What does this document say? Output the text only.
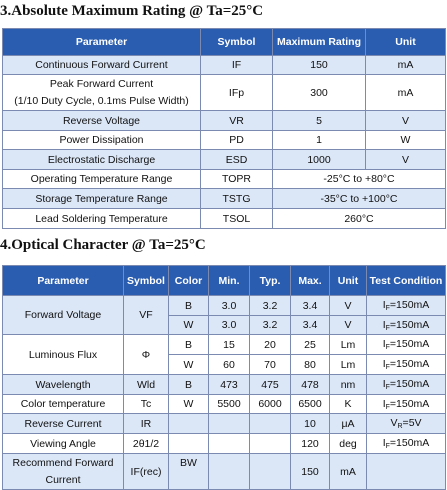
3.Absolute Maximum Rating @ Ta=25°C
Parameter	Symbol	Maximum Rating	Unit
Continuous Forward Current	IF	150	mA
Peak Forward Current
(1/10 Duty Cycle, 0.1ms Pulse Width)	IFp	300	mA
Reverse Voltage	VR	5	V
Power Dissipation	PD	1	W
Electrostatic Discharge	ESD	1000	V
Operating Temperature Range	TOPR	-25°C to +80°C	
Storage Temperature Range	TSTG	-35°C to +100°C	
Lead Soldering Temperature	TSOL	260°C	
4.Optical Character @ Ta=25°C
Parameter	Symbol	Color	Min.	Typ.	Max.	Unit	Test Condition
Forward Voltage	VF	B	3.0	3.2	3.4	V	$I_F=150mA$
		W	3.0	3.2	3.4	V	$I_F=150mA$
Luminous Flux	Φ	B	15	20	25	Lm	$I_F=150mA$
		W	60	70	80	Lm	$I_F=150mA$
Wavelength	Wld	B	473	475	478	nm	$I_F=150mA$
Color temperature	Tc	W	5500	6000	6500	K	$I_F=150mA$
Reverse Current	IR				10	μA	$V_R=5V$
Viewing Angle	2θ1/2				120	deg	$I_F=150mA$
Recommend Forward Current	IF(rec)	BW			150	mA	
